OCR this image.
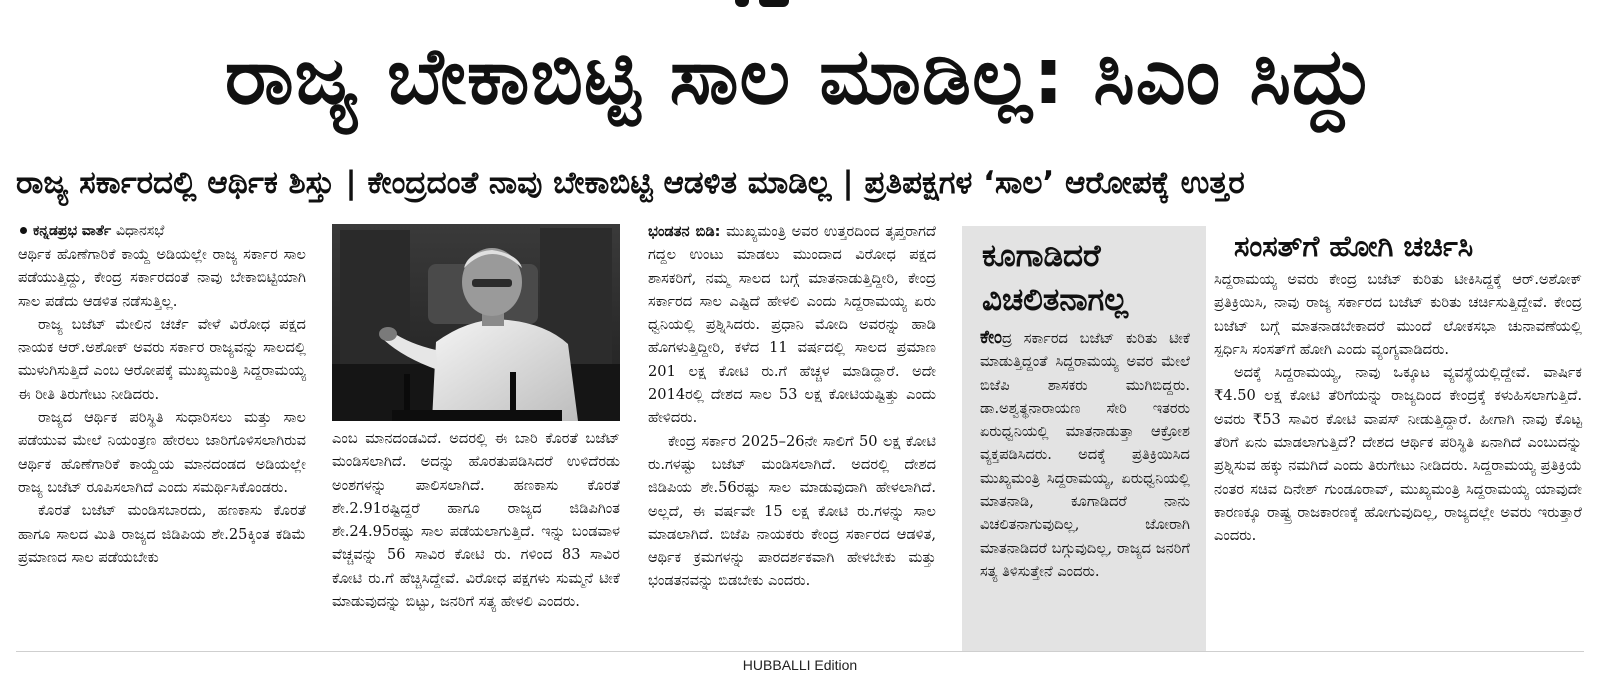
ರಾಜ್ಯ ಬೇಕಾಬಿಟ್ಟಿ ಸಾಲ ಮಾಡಿಲ್ಲ: ಸಿಎಂ ಸಿದ್ದು
ರಾಜ್ಯ ಸರ್ಕಾರದಲ್ಲಿ ಆರ್ಥಿಕ ಶಿಸ್ತು | ಕೇಂದ್ರದಂತೆ ನಾವು ಬೇಕಾಬಿಟ್ಟಿ ಆಡಳಿತ ಮಾಡಿಲ್ಲ | ಪ್ರತಿಪಕ್ಷಗಳ ‘ಸಾಲ’ ಆರೋಪಕ್ಕೆ ಉತ್ತರ
ಕನ್ನಡಪ್ರಭ ವಾರ್ತೆ ವಿಧಾನಸಭೆ

ಆರ್ಥಿಕ ಹೊಣೆಗಾರಿಕೆ ಕಾಯ್ದೆ ಅಡಿಯಲ್ಲೇ ರಾಜ್ಯ ಸರ್ಕಾರ ಸಾಲ ಪಡೆಯುತ್ತಿದ್ದು, ಕೇಂದ್ರ ಸರ್ಕಾರದಂತೆ ನಾವು ಬೇಕಾಬಿಟ್ಟಿಯಾಗಿ ಸಾಲ ಪಡೆದು ಆಡಳಿತ ನಡೆಸುತ್ತಿಲ್ಲ.

ರಾಜ್ಯ ಬಜೆಟ್ ಮೇಲಿನ ಚರ್ಚೆ ವೇಳೆ ವಿರೋಧ ಪಕ್ಷದ ನಾಯಕ ಆರ್.ಅಶೋಕ್ ಅವರು ಸರ್ಕಾರ ರಾಜ್ಯವನ್ನು ಸಾಲದಲ್ಲಿ ಮುಳುಗಿಸುತ್ತಿದೆ ಎಂಬ ಆರೋಪಕ್ಕೆ ಮುಖ್ಯಮಂತ್ರಿ ಸಿದ್ದರಾಮಯ್ಯ ಈ ರೀತಿ ತಿರುಗೇಟು ನೀಡಿದರು.

ರಾಜ್ಯದ ಆರ್ಥಿಕ ಪರಿಸ್ಥಿತಿ ಸುಧಾರಿಸಲು ಮತ್ತು ಸಾಲ ಪಡೆಯುವ ಮೇಲೆ ನಿಯಂತ್ರಣ ಹೇರಲು ಜಾರಿಗೊಳಿಸಲಾಗಿರುವ ಆರ್ಥಿಕ ಹೊಣೆಗಾರಿಕೆ ಕಾಯ್ದೆಯ ಮಾನದಂಡದ ಅಡಿಯಲ್ಲೇ ರಾಜ್ಯ ಬಜೆಟ್ ರೂಪಿಸಲಾಗಿದೆ ಎಂದು ಸಮರ್ಥಿಸಿಕೊಂಡರು.

ಕೊರತೆ ಬಜೆಟ್ ಮಂಡಿಸಬಾರದು, ಹಣಕಾಸು ಕೊರತೆ ಹಾಗೂ ಸಾಲದ ಮಿತಿ ರಾಜ್ಯದ ಜಿಡಿಪಿಯ ಶೇ.25ಕ್ಕಿಂತ ಕಡಿಮೆ ಪ್ರಮಾಣದ ಸಾಲ ಪಡೆಯಬೇಕು

ಎಂಬ ಮಾನದಂಡವಿದೆ. ಅದರಲ್ಲಿ ಈ ಬಾರಿ ಕೊರತೆ ಬಜೆಟ್ ಮಂಡಿಸಲಾಗಿದೆ. ಅದನ್ನು ಹೊರತುಪಡಿಸಿದರೆ ಉಳಿದೆರಡು ಅಂಶಗಳನ್ನು ಪಾಲಿಸಲಾಗಿದೆ. ಹಣಕಾಸು ಕೊರತೆ ಶೇ.2.91ರಷ್ಟಿದ್ದರೆ ಹಾಗೂ ರಾಜ್ಯದ ಜಿಡಿಪಿಗಿಂತ ಶೇ.24.95ರಷ್ಟು ಸಾಲ ಪಡೆಯಲಾಗುತ್ತಿದೆ. ಇನ್ನು ಬಂಡವಾಳ ವೆಚ್ಚವನ್ನು 56 ಸಾವಿರ ಕೋಟಿ ರು. ಗಳಿಂದ 83 ಸಾವಿರ ಕೋಟಿ ರು.ಗೆ ಹೆಚ್ಚಿಸಿದ್ದೇವೆ. ವಿರೋಧ ಪಕ್ಷಗಳು ಸುಮ್ಮನೆ ಟೀಕೆ ಮಾಡುವುದನ್ನು ಬಿಟ್ಟು, ಜನರಿಗೆ ಸತ್ಯ ಹೇಳಲಿ ಎಂದರು.

ಭಂಡತನ ಬಿಡಿ: ಮುಖ್ಯಮಂತ್ರಿ ಅವರ ಉತ್ತರದಿಂದ ತೃಪ್ತರಾಗದೆ ಗದ್ದಲ ಉಂಟು ಮಾಡಲು ಮುಂದಾದ ವಿರೋಧ ಪಕ್ಷದ ಶಾಸಕರಿಗೆ, ನಮ್ಮ ಸಾಲದ ಬಗ್ಗೆ ಮಾತನಾಡುತ್ತಿದ್ದೀರಿ, ಕೇಂದ್ರ ಸರ್ಕಾರದ ಸಾಲ ಎಷ್ಟಿದೆ ಹೇಳಲಿ ಎಂದು ಸಿದ್ದರಾಮಯ್ಯ ಏರು ಧ್ವನಿಯಲ್ಲಿ ಪ್ರಶ್ನಿಸಿದರು. ಪ್ರಧಾನಿ ಮೋದಿ ಅವರನ್ನು ಹಾಡಿ ಹೊಗಳುತ್ತಿದ್ದೀರಿ, ಕಳೆದ 11 ವರ್ಷದಲ್ಲಿ ಸಾಲದ ಪ್ರಮಾಣ 201 ಲಕ್ಷ ಕೋಟಿ ರು.ಗೆ ಹೆಚ್ಚಳ ಮಾಡಿದ್ದಾರೆ. ಅದೇ 2014ರಲ್ಲಿ ದೇಶದ ಸಾಲ 53 ಲಕ್ಷ ಕೋಟಿಯಷ್ಟಿತ್ತು ಎಂದು ಹೇಳಿದರು.

ಕೇಂದ್ರ ಸರ್ಕಾರ 2025–26ನೇ ಸಾಲಿಗೆ 50 ಲಕ್ಷ ಕೋಟಿ ರು.ಗಳಷ್ಟು ಬಜೆಟ್ ಮಂಡಿಸಲಾಗಿದೆ. ಅದರಲ್ಲಿ ದೇಶದ ಜಿಡಿಪಿಯ ಶೇ.56ರಷ್ಟು ಸಾಲ ಮಾಡುವುದಾಗಿ ಹೇಳಲಾಗಿದೆ. ಅಲ್ಲದೆ, ಈ ವರ್ಷವೇ 15 ಲಕ್ಷ ಕೋಟಿ ರು.ಗಳನ್ನು ಸಾಲ ಮಾಡಲಾಗಿದೆ. ಬಿಜೆಪಿ ನಾಯಕರು ಕೇಂದ್ರ ಸರ್ಕಾರದ ಆಡಳಿತ, ಆರ್ಥಿಕ ಕ್ರಮಗಳನ್ನು ಪಾರದರ್ಶಕವಾಗಿ ಹೇಳಬೇಕು ಮತ್ತು ಭಂಡತನವನ್ನು ಬಿಡಬೇಕು ಎಂದರು.

ಕೂಗಾಡಿದರೆ ವಿಚಲಿತನಾಗಲ್ಲ
ಕೇಂದ್ರ ಸರ್ಕಾರದ ಬಜೆಟ್ ಕುರಿತು ಟೀಕೆ ಮಾಡುತ್ತಿದ್ದಂತೆ ಸಿದ್ದರಾಮಯ್ಯ ಅವರ ಮೇಲೆ ಬಿಜೆಪಿ ಶಾಸಕರು ಮುಗಿಬಿದ್ದರು. ಡಾ.ಅಶ್ವತ್ಥನಾರಾಯಣ ಸೇರಿ ಇತರರು ಏರುಧ್ವನಿಯಲ್ಲಿ ಮಾತನಾಡುತ್ತಾ ಆಕ್ರೋಶ ವ್ಯಕ್ತಪಡಿಸಿದರು. ಅದಕ್ಕೆ ಪ್ರತಿಕ್ರಿಯಿಸಿದ ಮುಖ್ಯಮಂತ್ರಿ ಸಿದ್ದರಾಮಯ್ಯ, ಏರುಧ್ವನಿಯಲ್ಲಿ ಮಾತನಾಡಿ, ಕೂಗಾಡಿದರೆ ನಾನು ವಿಚಲಿತನಾಗುವುದಿಲ್ಲ, ಜೋರಾಗಿ ಮಾತನಾಡಿದರೆ ಬಗ್ಗುವುದಿಲ್ಲ, ರಾಜ್ಯದ ಜನರಿಗೆ ಸತ್ಯ ತಿಳಿಸುತ್ತೇನೆ ಎಂದರು.
ಸಂಸತ್‌ಗೆ ಹೋಗಿ ಚರ್ಚಿಸಿ

ಸಿದ್ದರಾಮಯ್ಯ ಅವರು ಕೇಂದ್ರ ಬಜೆಟ್ ಕುರಿತು ಟೀಕಿಸಿದ್ದಕ್ಕೆ ಆರ್.ಅಶೋಕ್ ಪ್ರತಿಕ್ರಿಯಿಸಿ, ನಾವು ರಾಜ್ಯ ಸರ್ಕಾರದ ಬಜೆಟ್ ಕುರಿತು ಚರ್ಚಿಸುತ್ತಿದ್ದೇವೆ. ಕೇಂದ್ರ ಬಜೆಟ್ ಬಗ್ಗೆ ಮಾತನಾಡಬೇಕಾದರೆ ಮುಂದೆ ಲೋಕಸಭಾ ಚುನಾವಣೆಯಲ್ಲಿ ಸ್ಪರ್ಧಿಸಿ ಸಂಸತ್‌ಗೆ ಹೋಗಿ ಎಂದು ವ್ಯಂಗ್ಯವಾಡಿದರು.

ಅದಕ್ಕೆ ಸಿದ್ದರಾಮಯ್ಯ, ನಾವು ಒಕ್ಕೂಟ ವ್ಯವಸ್ಥೆಯಲ್ಲಿದ್ದೇವೆ. ವಾರ್ಷಿಕ ₹4.50 ಲಕ್ಷ ಕೋಟಿ ತೆರಿಗೆಯನ್ನು ರಾಜ್ಯದಿಂದ ಕೇಂದ್ರಕ್ಕೆ ಕಳುಹಿಸಲಾಗುತ್ತಿದೆ. ಅವರು ₹53 ಸಾವಿರ ಕೋಟಿ ವಾಪಸ್ ನೀಡುತ್ತಿದ್ದಾರೆ. ಹೀಗಾಗಿ ನಾವು ಕೊಟ್ಟ ತೆರಿಗೆ ಏನು ಮಾಡಲಾಗುತ್ತಿದೆ? ದೇಶದ ಆರ್ಥಿಕ ಪರಿಸ್ಥಿತಿ ಏನಾಗಿದೆ ಎಂಬುದನ್ನು ಪ್ರಶ್ನಿಸುವ ಹಕ್ಕು ನಮಗಿದೆ ಎಂದು ತಿರುಗೇಟು ನೀಡಿದರು. ಸಿದ್ದರಾಮಯ್ಯ ಪ್ರತಿಕ್ರಿಯೆ ನಂತರ ಸಚಿವ ದಿನೇಶ್ ಗುಂಡೂರಾವ್, ಮುಖ್ಯಮಂತ್ರಿ ಸಿದ್ದರಾಮಯ್ಯ ಯಾವುದೇ ಕಾರಣಕ್ಕೂ ರಾಷ್ಟ್ರ ರಾಜಕಾರಣಕ್ಕೆ ಹೋಗುವುದಿಲ್ಲ, ರಾಜ್ಯದಲ್ಲೇ ಅವರು ಇರುತ್ತಾರೆ ಎಂದರು.

HUBBALLI Edition
